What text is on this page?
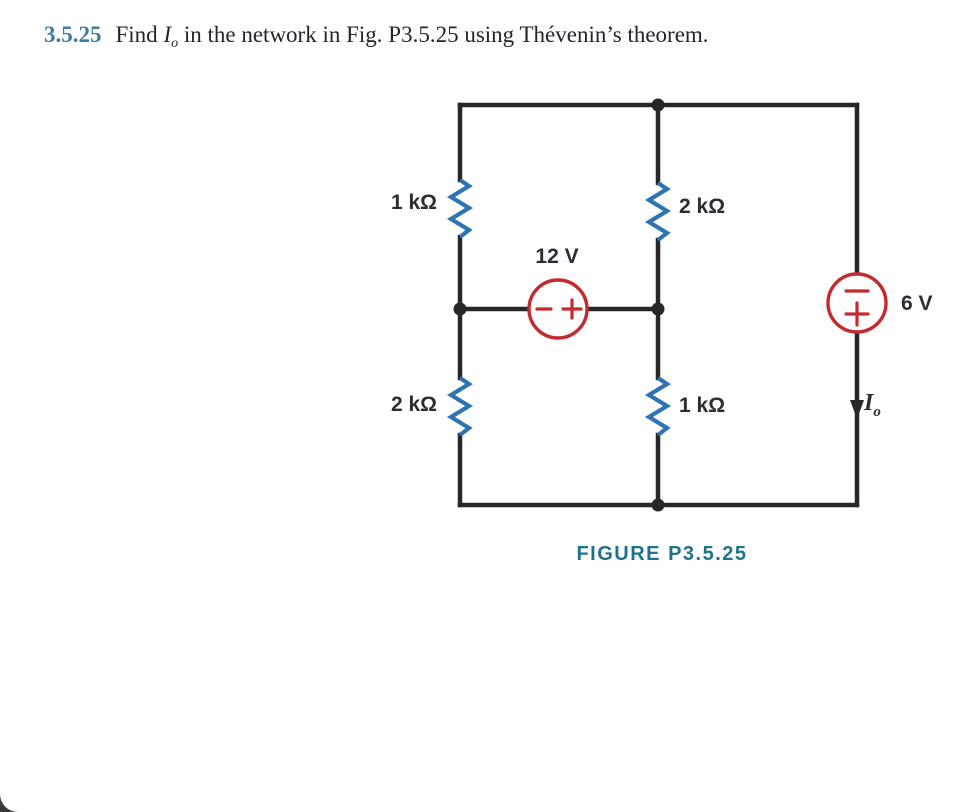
3.5.25 Find $I_o$ in the network in Fig. P3.5.25 using Thévenin’s theorem.
1 kΩ	2 kΩ
12 V
2 kΩ	1 kΩ
6 V
$I_o$
FIGURE P3.5.25
